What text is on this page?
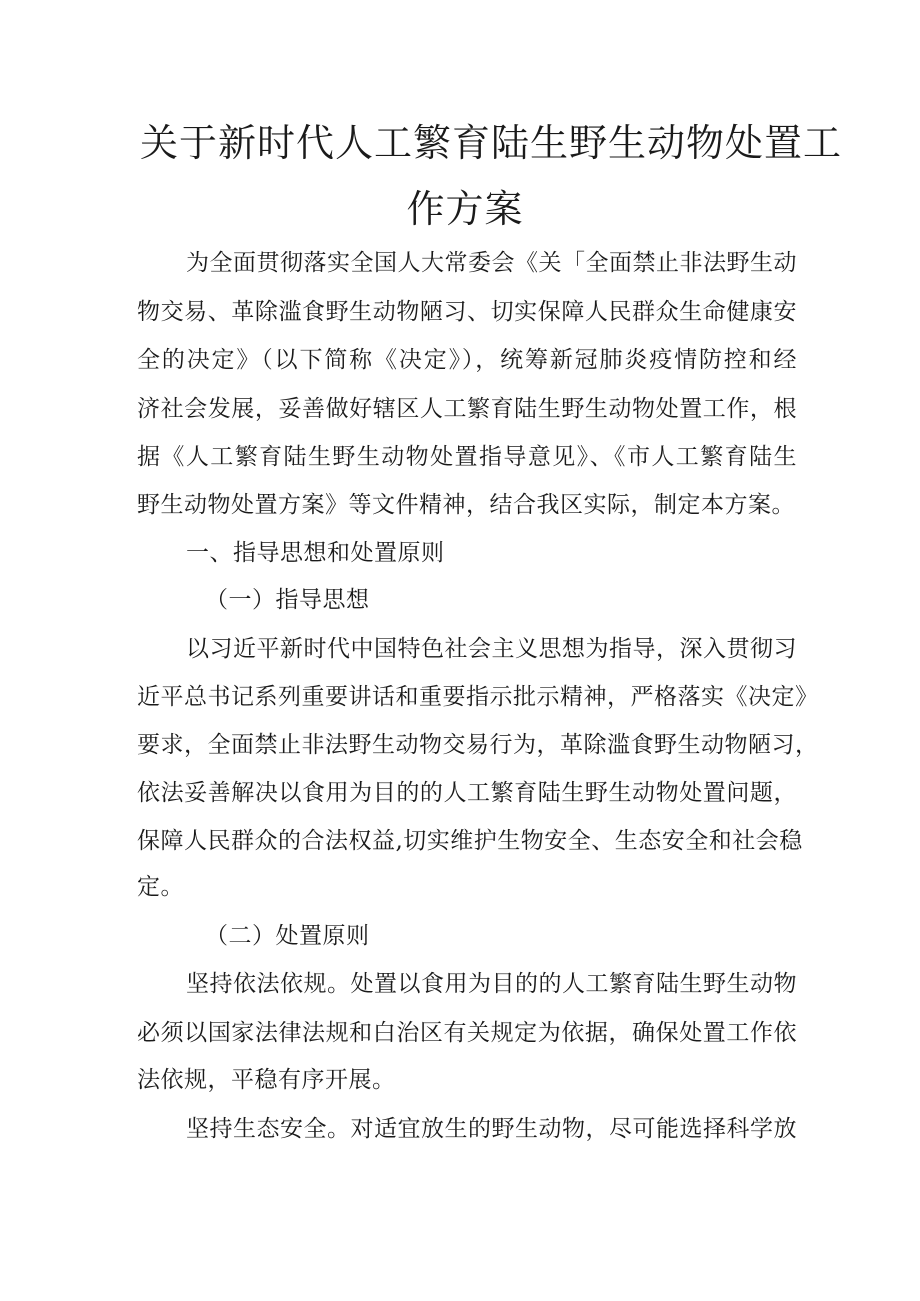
关于新时代人工繁育陆生野生动物处置工
作方案
为全面贯彻落实全国人大常委会《关「全面禁止非法野生动
物交易、革除滥食野生动物陋习、切实保障人民群众生命健康安
全的决定》（以下简称《决定》），统筹新冠肺炎疫情防控和经
济社会发展，妥善做好辖区人工繁育陆生野生动物处置工作，根
据《人工繁育陆生野生动物处置指导意见》、《市人工繁育陆生
野生动物处置方案》等文件精神，结合我区实际，制定本方案。
一、指导思想和处置原则
（一）指导思想
以习近平新时代中国特色社会主义思想为指导，深入贯彻习
近平总书记系列重要讲话和重要指示批示精神，严格落实《决定》
要求，全面禁止非法野生动物交易行为，革除滥食野生动物陋习，
依法妥善解决以食用为目的的人工繁育陆生野生动物处置问题，
保障人民群众的合法权益,切实维护生物安全、生态安全和社会稳
定。
（二）处置原则
坚持依法依规。处置以食用为目的的人工繁育陆生野生动物
必须以国家法律法规和白治区有关规定为依据，确保处置工作依
法依规，平稳有序开展。
坚持生态安全。对适宜放生的野生动物，尽可能选择科学放
